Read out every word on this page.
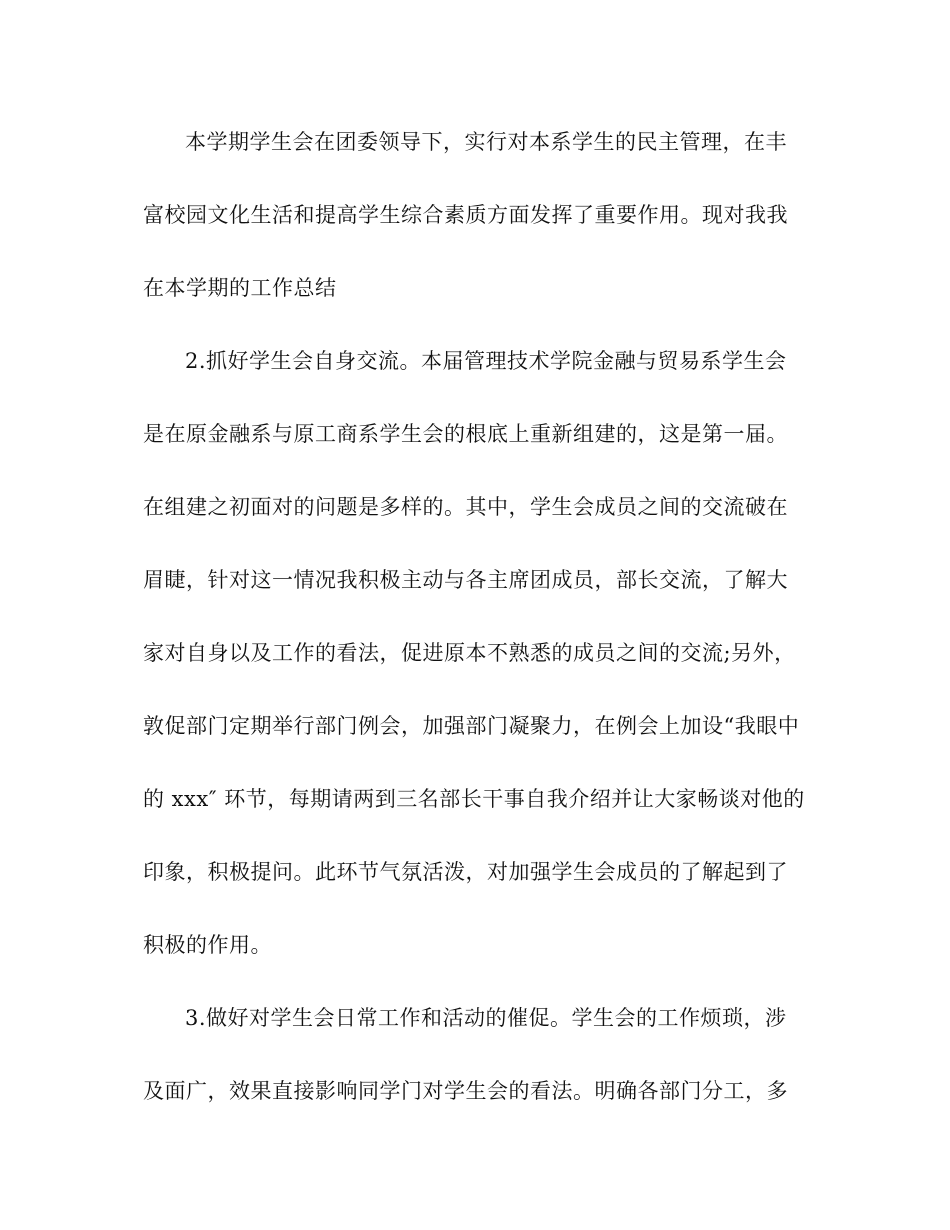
本学期学生会在团委领导下，实行对本系学生的民主管理，在丰
富校园文化生活和提高学生综合素质方面发挥了重要作用。现对我我
在本学期的工作总结
2.抓好学生会自身交流。本届管理技术学院金融与贸易系学生会
是在原金融系与原工商系学生会的根底上重新组建的，这是第一届。
在组建之初面对的问题是多样的。其中，学生会成员之间的交流破在
眉睫，针对这一情况我积极主动与各主席团成员，部长交流，了解大
家对自身以及工作的看法，促进原本不熟悉的成员之间的交流;另外，
敦促部门定期举行部门例会，加强部门凝聚力，在例会上加设“我眼中
的 xxx″ 环节，每期请两到三名部长干事自我介绍并让大家畅谈对他的
印象，积极提问。此环节气氛活泼，对加强学生会成员的了解起到了
积极的作用。
3.做好对学生会日常工作和活动的催促。学生会的工作烦琐，涉
及面广，效果直接影响同学门对学生会的看法。明确各部门分工，多
